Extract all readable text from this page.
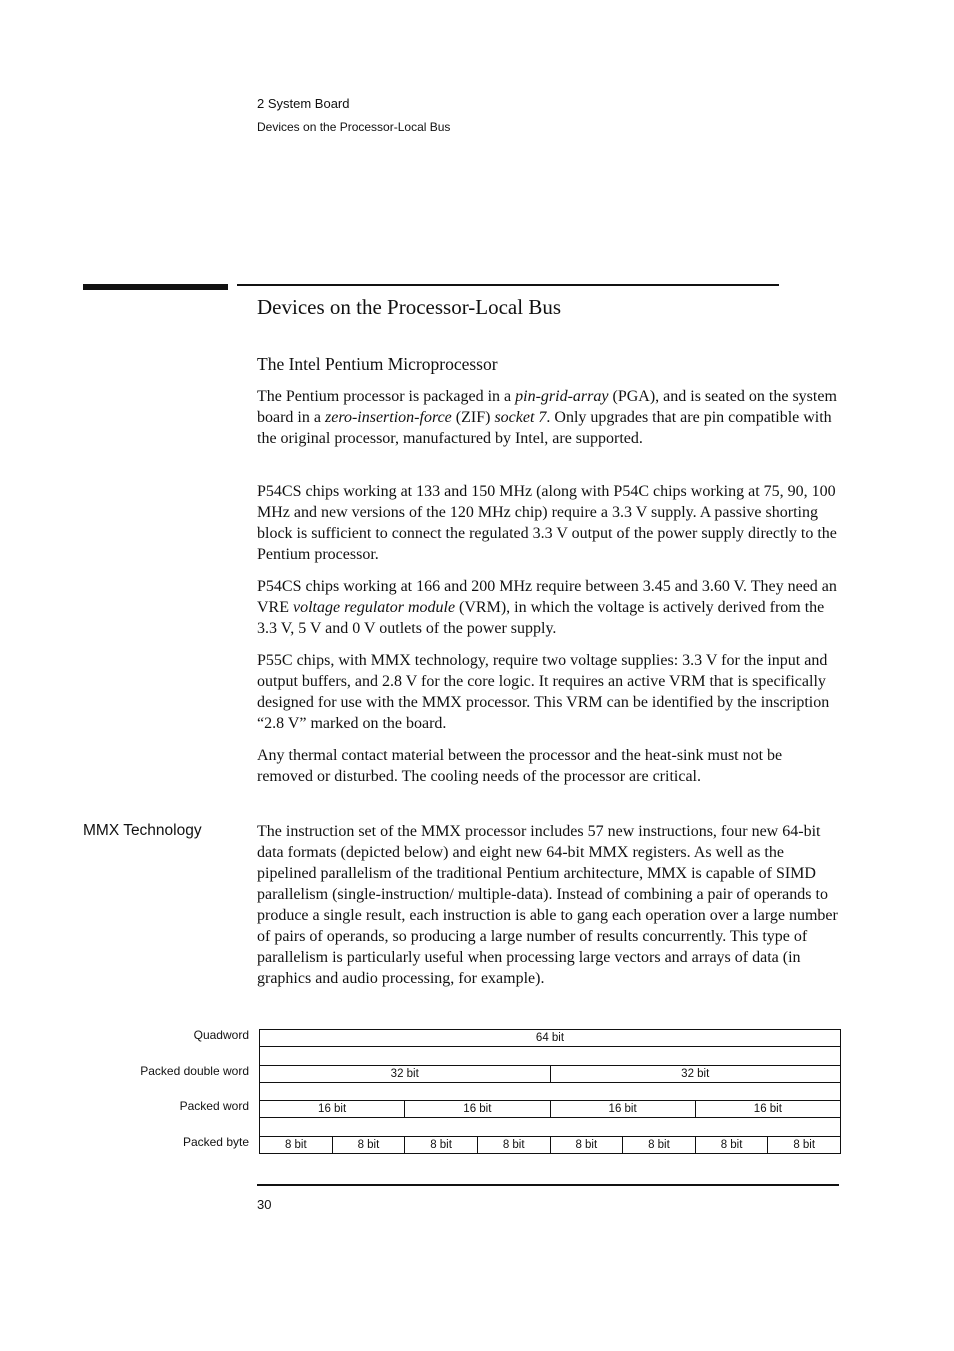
2 System Board
Devices on the Processor-Local Bus
Devices on the Processor-Local Bus
The Intel Pentium Microprocessor

The Pentium processor is packaged in a pin-grid-array (PGA), and is seated on the system board in a zero-insertion-force (ZIF) socket 7. Only upgrades that are pin compatible with the original processor, manufactured by Intel, are supported.

P54CS chips working at 133 and 150 MHz (along with P54C chips working at 75, 90, 100 MHz and new versions of the 120 MHz chip) require a 3.3 V supply. A passive shorting block is sufficient to connect the regulated 3.3 V output of the power supply directly to the Pentium processor.

P54CS chips working at 166 and 200 MHz require between 3.45 and 3.60 V. They need an VRE voltage regulator module (VRM), in which the voltage is actively derived from the 3.3 V, 5 V and 0 V outlets of the power supply.

P55C chips, with MMX technology, require two voltage supplies: 3.3 V for the input and output buffers, and 2.8 V for the core logic. It requires an active VRM that is specifically designed for use with the MMX processor. This VRM can be identified by the inscription “2.8 V” marked on the board.

Any thermal contact material between the processor and the heat-sink must not be removed or disturbed. The cooling needs of the processor are critical.

MMX Technology	The instruction set of the MMX processor includes 57 new instructions, four new 64-bit data formats (depicted below) and eight new 64-bit MMX registers. As well as the pipelined parallelism of the traditional Pentium architecture, MMX is capable of SIMD parallelism (single-instruction/ multiple-data). Instead of combining a pair of operands to produce a single result, each instruction is able to gang each operation over a large number of pairs of operands, so producing a large number of results concurrently. This type of parallelism is particularly useful when processing large vectors and arrays of data (in graphics and audio processing, for example).

Quadword	64 bit
Packed double word	32 bit	32 bit
Packed word	16 bit	16 bit	16 bit	16 bit
Packed byte	8 bit	8 bit	8 bit	8 bit	8 bit	8 bit	8 bit	8 bit
30
